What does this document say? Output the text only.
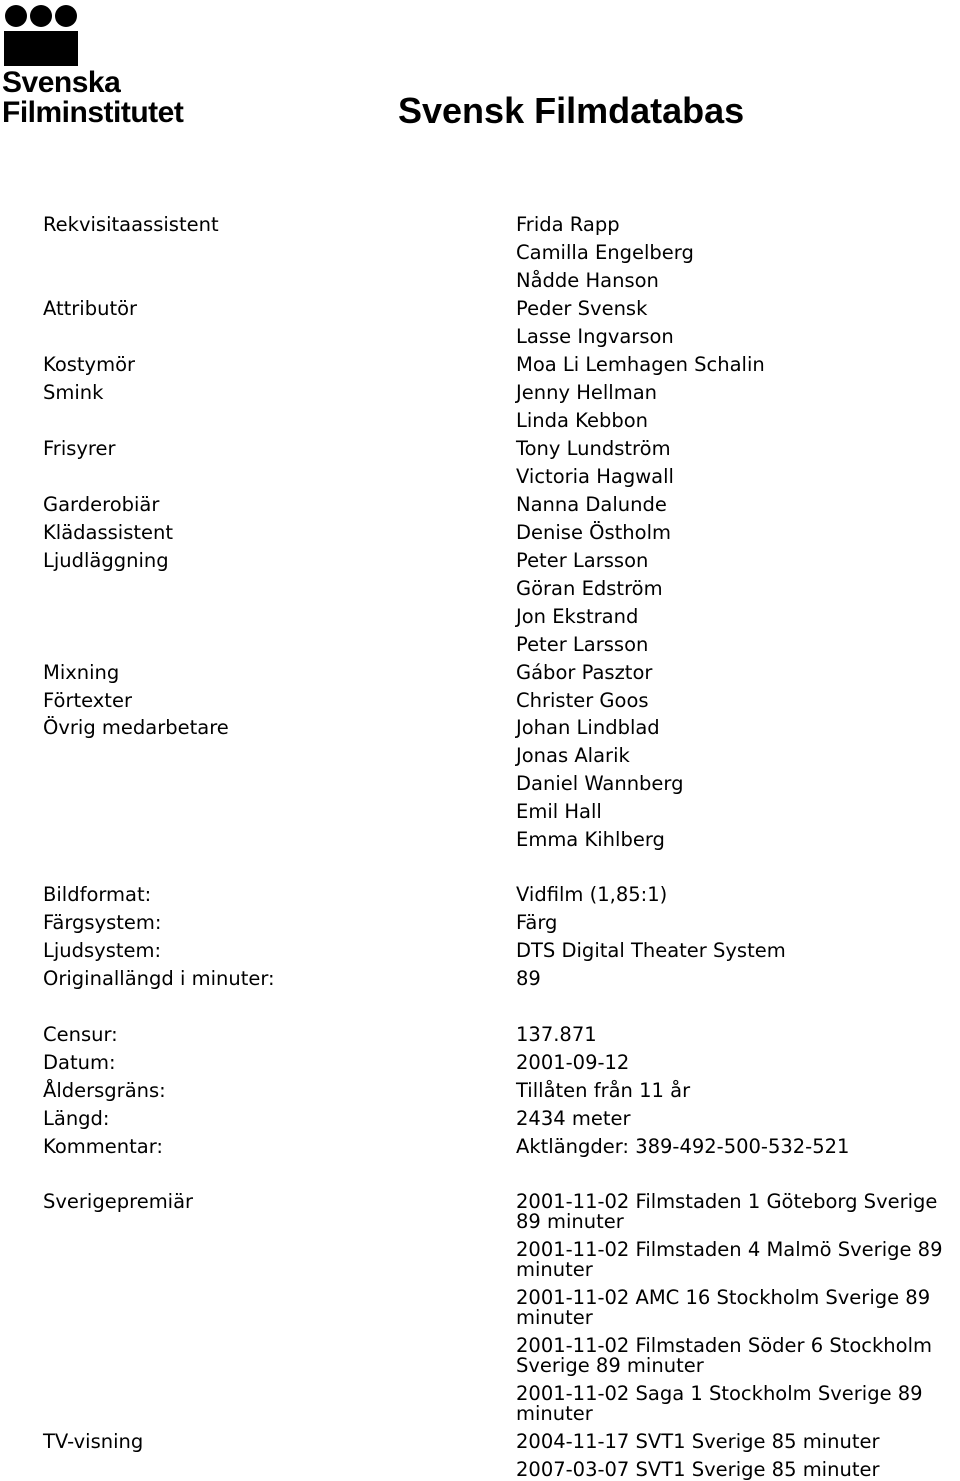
Svenska
Filminstitutet	Svensk Filmdatabas
Rekvisitaassistent	Frida Rapp
Camilla Engelberg
Nådde Hanson
Attributör	Peder Svensk
Lasse Ingvarson
Kostymör	Moa Li Lemhagen Schalin
Smink	Jenny Hellman
Linda Kebbon
Frisyrer	Tony Lundström
Victoria Hagwall
Garderobiär	Nanna Dalunde
Klädassistent	Denise Östholm
Ljudläggning	Peter Larsson
Göran Edström
Jon Ekstrand
Peter Larsson
Mixning	Gábor Pasztor
Förtexter	Christer Goos
Övrig medarbetare	Johan Lindblad
Jonas Alarik
Daniel Wannberg
Emil Hall
Emma Kihlberg
Bildformat:	Vidfilm (1,85:1)
Färgsystem:	Färg
Ljudsystem:	DTS Digital Theater System
Originallängd i minuter:	89
Censur:	137.871
Datum:	2001-09-12
Åldersgräns:	Tillåten från 11 år
Längd:	2434 meter
Kommentar:	Aktlängder: 389-492-500-532-521
Sverigepremiär	2001-11-02 Filmstaden 1 Göteborg Sverige 89 minuter
2001-11-02 Filmstaden 4 Malmö Sverige 89 minuter
2001-11-02 AMC 16 Stockholm Sverige 89 minuter
2001-11-02 Filmstaden Söder 6 Stockholm Sverige 89 minuter
2001-11-02 Saga 1 Stockholm Sverige 89 minuter
TV-visning	2004-11-17 SVT1 Sverige 85 minuter
2007-03-07 SVT1 Sverige 85 minuter
